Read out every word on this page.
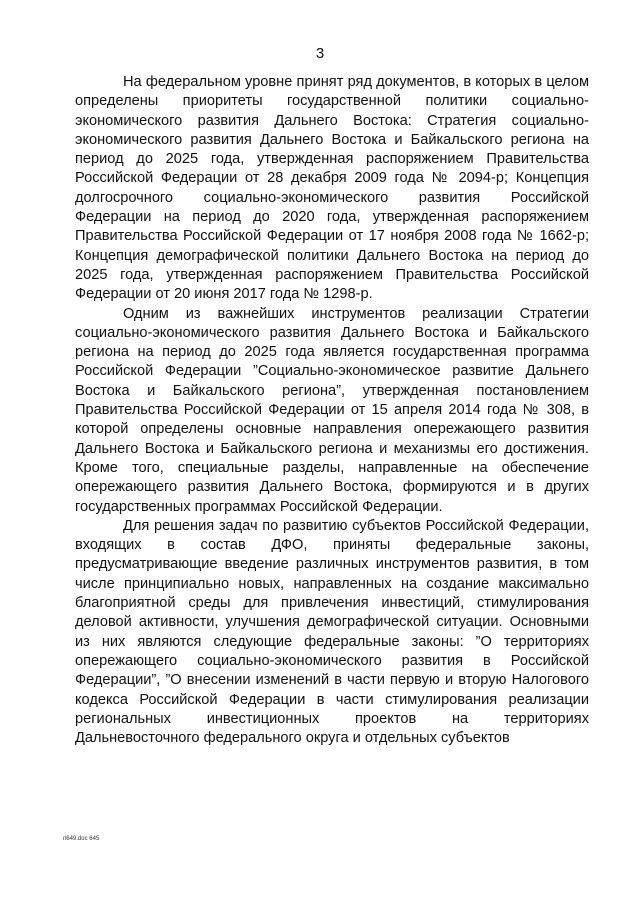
3

На федеральном уровне принят ряд документов, в которых в целом определены приоритеты государственной политики социально-экономического развития Дальнего Востока: Стратегия социально-экономического развития Дальнего Востока и Байкальского региона на период до 2025 года, утвержденная распоряжением Правительства Российской Федерации от 28 декабря 2009 года № 2094-р; Концепция долгосрочного социально-экономического развития Российской Федерации на период до 2020 года, утвержденная распоряжением Правительства Российской Федерации от 17 ноября 2008 года № 1662-р; Концепция демографической политики Дальнего Востока на период до 2025 года, утвержденная распоряжением Правительства Российской Федерации от 20 июня 2017 года № 1298-р.

Одним из важнейших инструментов реализации Стратегии социально-экономического развития Дальнего Востока и Байкальского региона на период до 2025 года является государственная программа Российской Федерации ”Социально-экономическое развитие Дальнего Востока и Байкальского региона”, утвержденная постановлением Правительства Российской Федерации от 15 апреля 2014 года № 308, в которой определены основные направления опережающего развития Дальнего Востока и Байкальского региона и механизмы его достижения. Кроме того, специальные разделы, направленные на обеспечение опережающего развития Дальнего Востока, формируются и в других государственных программах Российской Федерации.

Для решения задач по развитию субъектов Российской Федерации, входящих в состав ДФО, приняты федеральные законы, предусматривающие введение различных инструментов развития, в том числе принципиально новых, направленных на создание максимально благоприятной среды для привлечения инвестиций, стимулирования деловой активности, улучшения демографической ситуации. Основными из них являются следующие федеральные законы: ”О территориях опережающего социально-экономического развития в Российской Федерации”, ”О внесении изменений в части первую и вторую Налогового кодекса Российской Федерации в части стимулирования реализации региональных инвестиционных проектов на территориях Дальневосточного федерального округа и отдельных субъектов

п649.doc 645
